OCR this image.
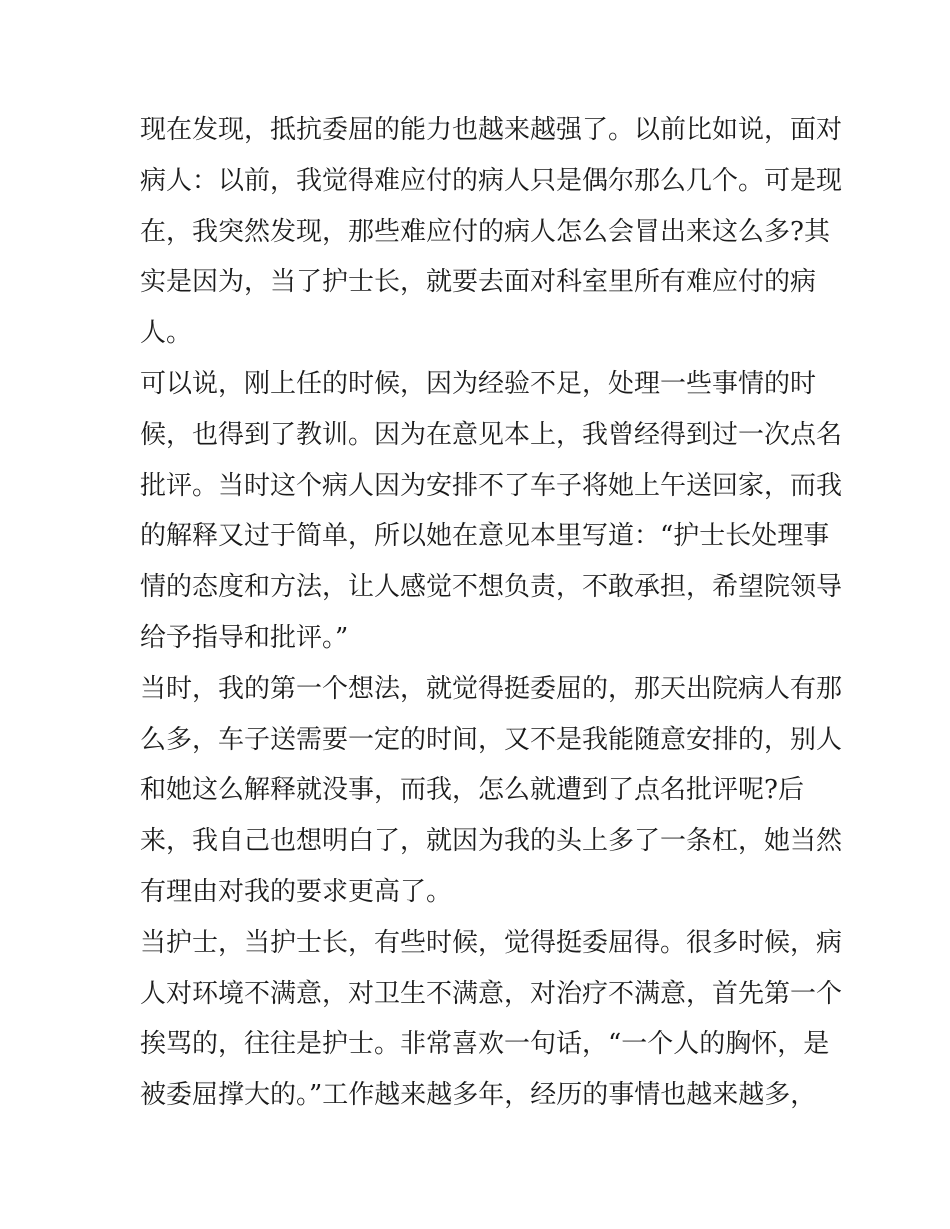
现在发现，抵抗委屈的能力也越来越强了。以前比如说，面对
病人：以前，我觉得难应付的病人只是偶尔那么几个。可是现
在，我突然发现，那些难应付的病人怎么会冒出来这么多?其
实是因为，当了护士长，就要去面对科室里所有难应付的病
人。
可以说，刚上任的时候，因为经验不足，处理一些事情的时
候，也得到了教训。因为在意见本上，我曾经得到过一次点名
批评。当时这个病人因为安排不了车子将她上午送回家，而我
的解释又过于简单，所以她在意见本里写道：“护士长处理事
情的态度和方法，让人感觉不想负责，不敢承担，希望院领导
给予指导和批评。”
当时，我的第一个想法，就觉得挺委屈的，那天出院病人有那
么多，车子送需要一定的时间，又不是我能随意安排的，别人
和她这么解释就没事，而我，怎么就遭到了点名批评呢?后
来，我自己也想明白了，就因为我的头上多了一条杠，她当然
有理由对我的要求更高了。
当护士，当护士长，有些时候，觉得挺委屈得。很多时候，病
人对环境不满意，对卫生不满意，对治疗不满意，首先第一个
挨骂的，往往是护士。非常喜欢一句话，“一个人的胸怀，是
被委屈撑大的。”工作越来越多年，经历的事情也越来越多，
